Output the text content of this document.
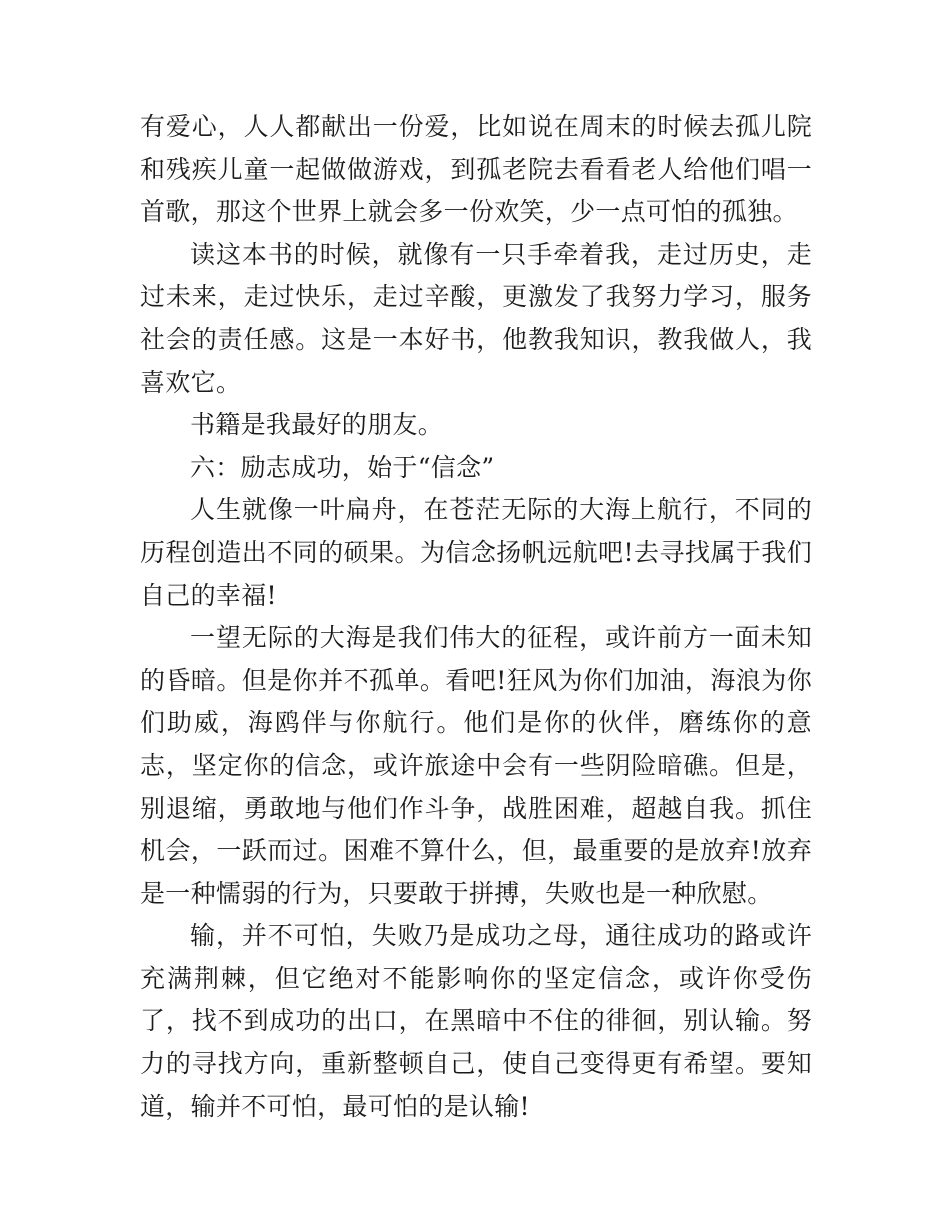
有爱心，人人都献出一份爱，比如说在周末的时候去孤儿院和残疾儿童一起做做游戏，到孤老院去看看老人给他们唱一首歌，那这个世界上就会多一份欢笑，少一点可怕的孤独。

读这本书的时候，就像有一只手牵着我，走过历史，走过未来，走过快乐，走过辛酸，更激发了我努力学习，服务社会的责任感。这是一本好书，他教我知识，教我做人，我喜欢它。

书籍是我最好的朋友。

六：励志成功，始于“信念”

人生就像一叶扁舟，在苍茫无际的大海上航行，不同的历程创造出不同的硕果。为信念扬帆远航吧!去寻找属于我们自己的幸福!

一望无际的大海是我们伟大的征程，或许前方一面未知的昏暗。但是你并不孤单。看吧!狂风为你们加油，海浪为你们助威，海鸥伴与你航行。他们是你的伙伴，磨练你的意志，坚定你的信念，或许旅途中会有一些阴险暗礁。但是，别退缩，勇敢地与他们作斗争，战胜困难，超越自我。抓住机会，一跃而过。困难不算什么，但，最重要的是放弃!放弃是一种懦弱的行为，只要敢于拼搏，失败也是一种欣慰。

输，并不可怕，失败乃是成功之母，通往成功的路或许充满荆棘，但它绝对不能影响你的坚定信念，或许你受伤了，找不到成功的出口，在黑暗中不住的徘徊，别认输。努力的寻找方向，重新整顿自己，使自己变得更有希望。要知道，输并不可怕，最可怕的是认输!
